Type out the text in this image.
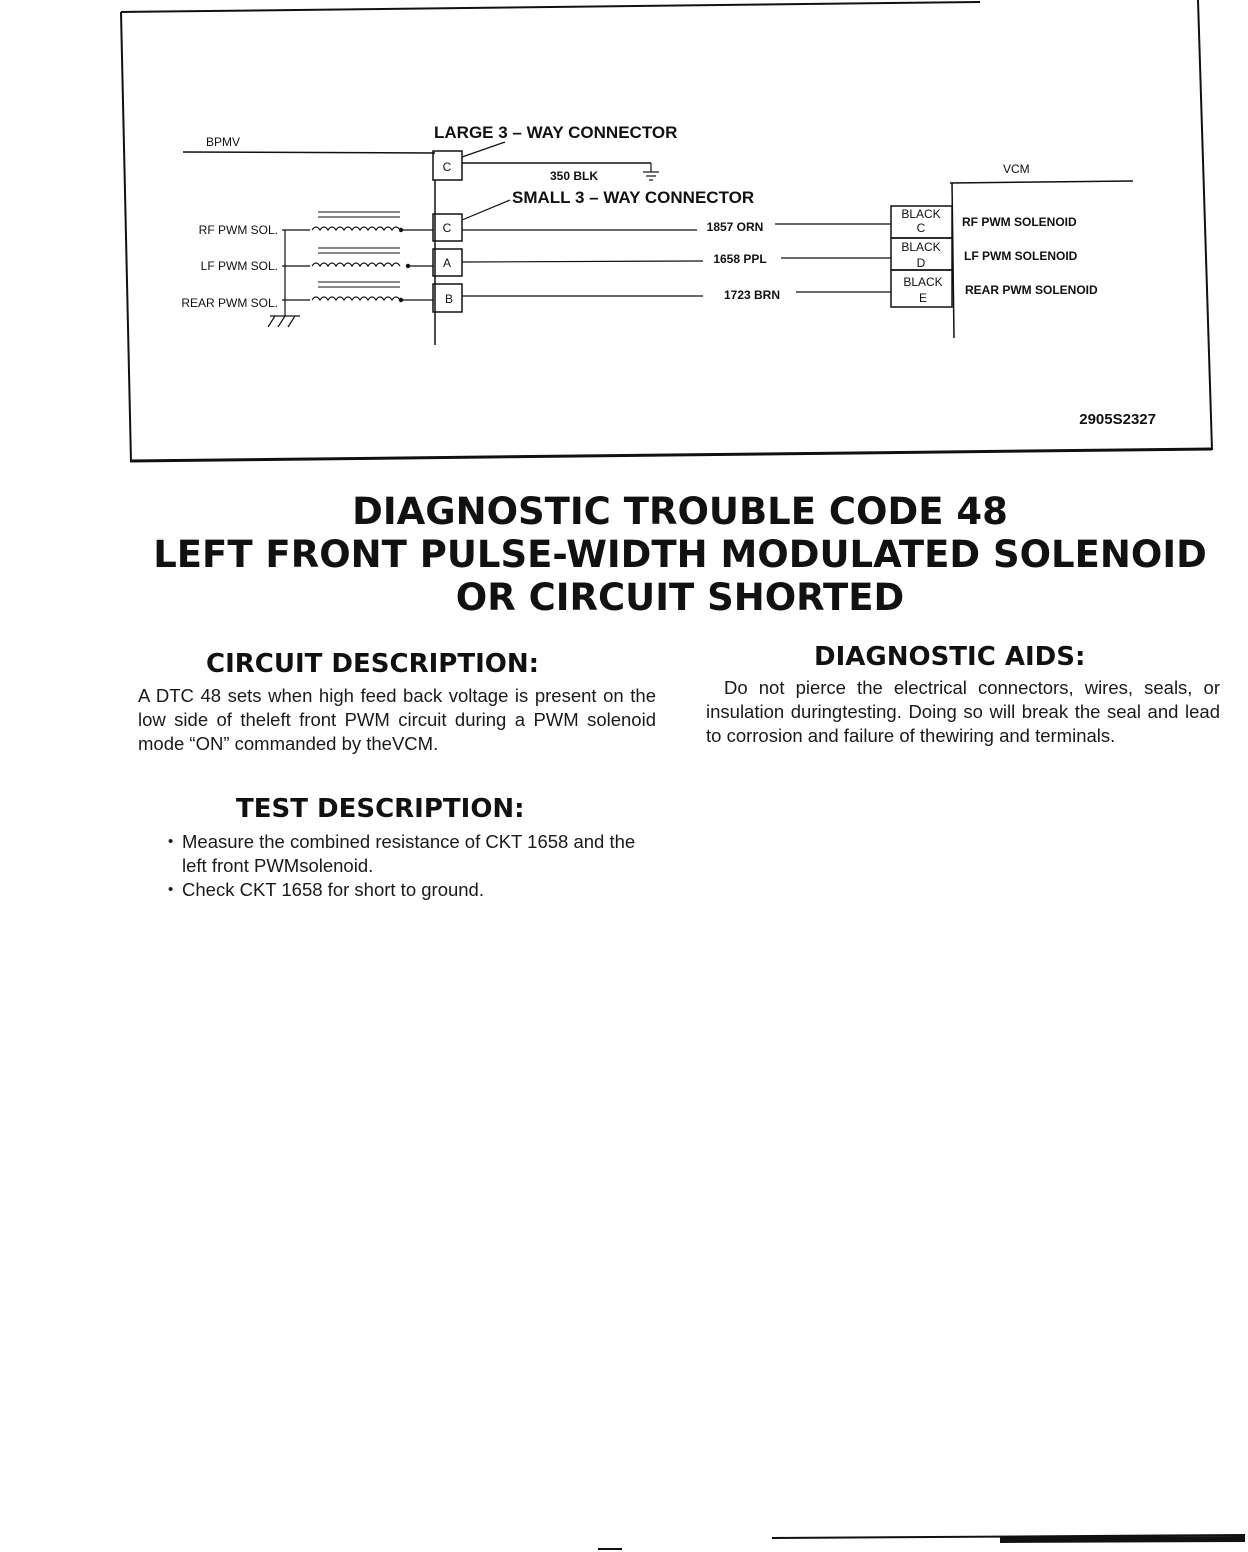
BPMV	LARGE 3 – WAY CONNECTOR
C
350 BLK
SMALL 3 – WAY CONNECTOR
VCM
RF PWM SOL.	C	1857 ORN
BLACK
C	RF PWM SOLENOID
LF PWM SOL.	A	1658 PPL
BLACK
D	LF PWM SOLENOID
REAR PWM SOL.	B	1723 BRN
BLACK
E
REAR PWM SOLENOID
2905S2327
DIAGNOSTIC TROUBLE CODE 48
LEFT FRONT PULSE-WIDTH MODULATED SOLENOID
OR CIRCUIT SHORTED
CIRCUIT DESCRIPTION:
A DTC 48 sets when high feed back voltage is present on the low side of theleft front PWM circuit during a PWM solenoid mode “ON” commanded by theVCM.
TEST DESCRIPTION:
• Measure the combined resistance of CKT 1658 and the left front PWMsolenoid.
• Check CKT 1658 for short to ground.
DIAGNOSTIC AIDS:
Do not pierce the electrical connectors, wires, seals, or insulation duringtesting. Doing so will break the seal and lead to corrosion and failure of thewiring and terminals.
